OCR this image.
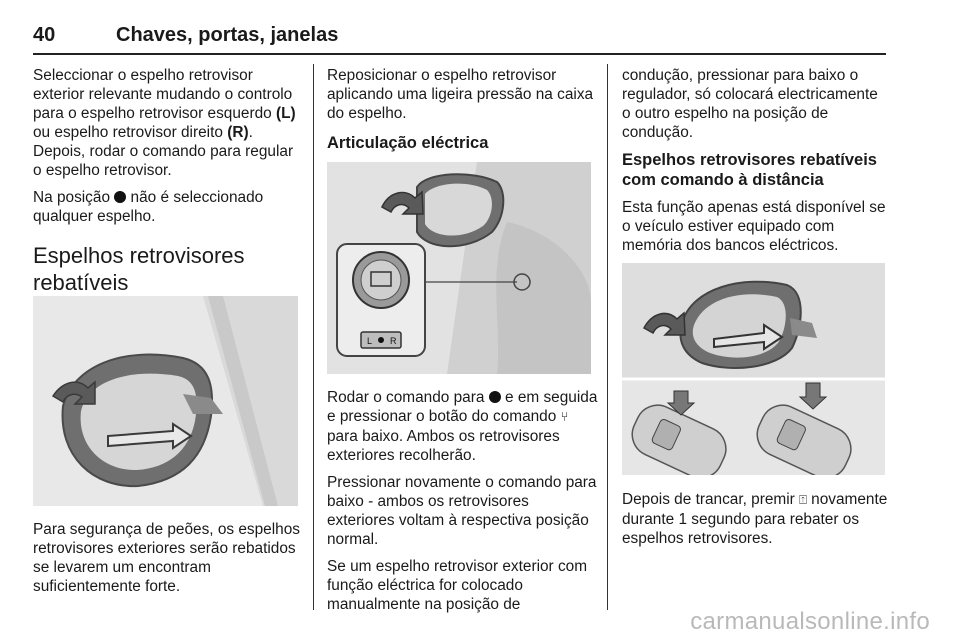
40	Chaves, portas, janelas

Seleccionar o espelho retrovisor exterior relevante mudando o controlo para o espelho retrovisor esquerdo (L) ou espelho retrovisor direito (R). Depois, rodar o comando para regular o espelho retrovisor.

Na posição  não é seleccionado qualquer espelho.

Espelhos retrovisores rebatíveis

Para segurança de peões, os espelhos retrovisores exteriores serão rebatidos se levarem um encontram suficientemente forte.

Reposicionar o espelho retrovisor aplicando uma ligeira pressão na caixa do espelho.

Articulação eléctrica
L R

Rodar o comando para  e em seguida e pressionar o botão do comando ⑂ para baixo. Ambos os retrovisores exteriores recolherão.

Pressionar novamente o comando para baixo - ambos os retrovisores exteriores voltam à respectiva posição normal.

Se um espelho retrovisor exterior com função eléctrica for colocado manualmente na posição de

condução, pressionar para baixo o regulador, só colocará electricamente o outro espelho na posição de condução.

Espelhos retrovisores rebatíveis com comando à distância

Esta função apenas está disponível se o veículo estiver equipado com memória dos bancos eléctricos.

Depois de trancar, premir ⍐ novamente durante 1 segundo para rebater os espelhos retrovisores.

carmanualsonline.info
